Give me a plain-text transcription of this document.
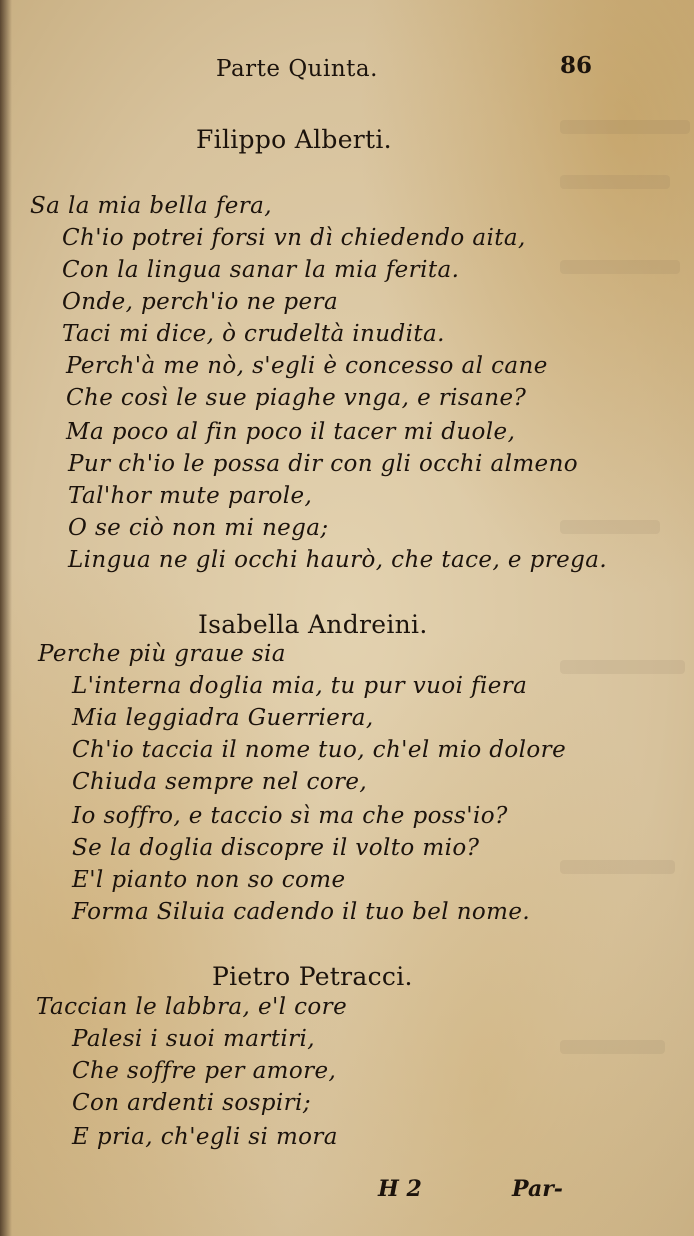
Parte Quinta.	86
Filippo Alberti.
Sa la mia bella fera,
Ch'io potrei forsi vn dì chiedendo aita,
Con la lingua sanar la mia ferita.
Onde, perch'io ne pera
Taci mi dice, ò crudeltà inudita.
Perch'à me nò, s'egli è concesso al cane
Che così le sue piaghe vnga, e risane?
Ma poco al fin poco il tacer mi duole,
Pur ch'io le possa dir con gli occhi almeno
Tal'hor mute parole,
O se ciò non mi nega;
Lingua ne gli occhi haurò, che tace, e prega.
Isabella Andreini.
Perche più graue sia
L'interna doglia mia, tu pur vuoi fiera
Mia leggiadra Guerriera,
Ch'io taccia il nome tuo, ch'el mio dolore
Chiuda sempre nel core,
Io soffro, e taccio sì ma che poss'io?
Se la doglia discopre il volto mio?
E'l pianto non so come
Forma Siluia cadendo il tuo bel nome.
Pietro Petracci.
Taccian le labbra, e'l core
Palesi i suoi martiri,
Che soffre per amore,
Con ardenti sospiri;
E pria, ch'egli si mora
H 2	Par-
